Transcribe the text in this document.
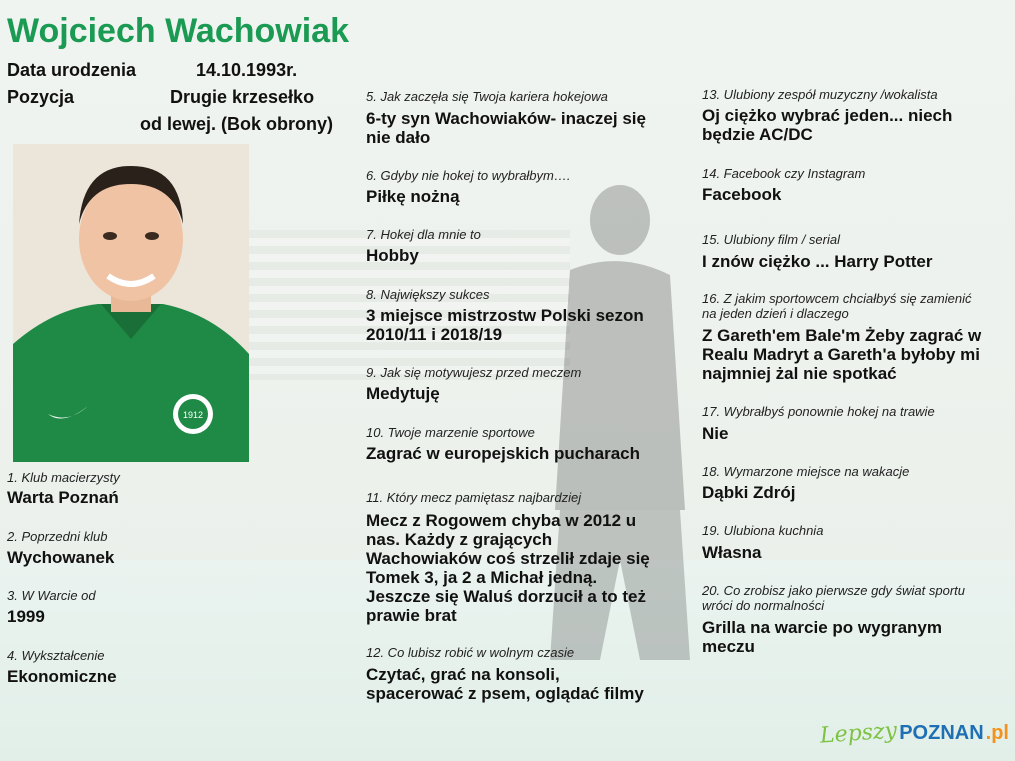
Wojciech Wachowiak
Data urodzenia	14.10.1993r.
Pozycja	Drugie krzesełko
od lewej. (Bok obrony)
1912
1. Klub macierzysty
Warta Poznań
2. Poprzedni klub
Wychowanek
3. W Warcie od
1999
4. Wykształcenie
Ekonomiczne
5. Jak zaczęła się Twoja kariera hokejowa
6-ty syn Wachowiaków- inaczej się nie dało
6. Gdyby nie hokej to wybrałbym….
Piłkę nożną
7. Hokej dla mnie to
Hobby
8. Największy sukces
3 miejsce mistrzostw Polski sezon 2010/11 i 2018/19
9. Jak się motywujesz przed meczem
Medytuję
10. Twoje marzenie sportowe
Zagrać w europejskich pucharach
11. Który mecz pamiętasz najbardziej
Mecz z Rogowem chyba w 2012 u nas. Każdy z grających Wachowiaków coś strzelił zdaje się Tomek 3, ja 2 a Michał jedną. Jeszcze się Waluś dorzucił a to też prawie brat
12. Co lubisz robić w wolnym czasie
Czytać, grać na konsoli, spacerować z psem, oglądać filmy
13. Ulubiony zespół muzyczny /wokalista
Oj ciężko wybrać jeden... niech będzie AC/DC
14. Facebook czy Instagram
Facebook
15. Ulubiony film / serial
I znów ciężko ... Harry Potter
16. Z jakim sportowcem chciałbyś się zamienić na jeden dzień i dlaczego
Z Gareth'em Bale'm Żeby zagrać w Realu Madryt a Gareth'a byłoby mi najmniej żal nie spotkać
17. Wybrałbyś ponownie hokej na trawie
Nie
18. Wymarzone miejsce na wakacje
Dąbki Zdrój
19. Ulubiona kuchnia
Własna
20. Co zrobisz jako pierwsze gdy świat sportu wróci do normalności
Grilla na warcie po wygranym meczu
Lepszy POZNAN .pl
